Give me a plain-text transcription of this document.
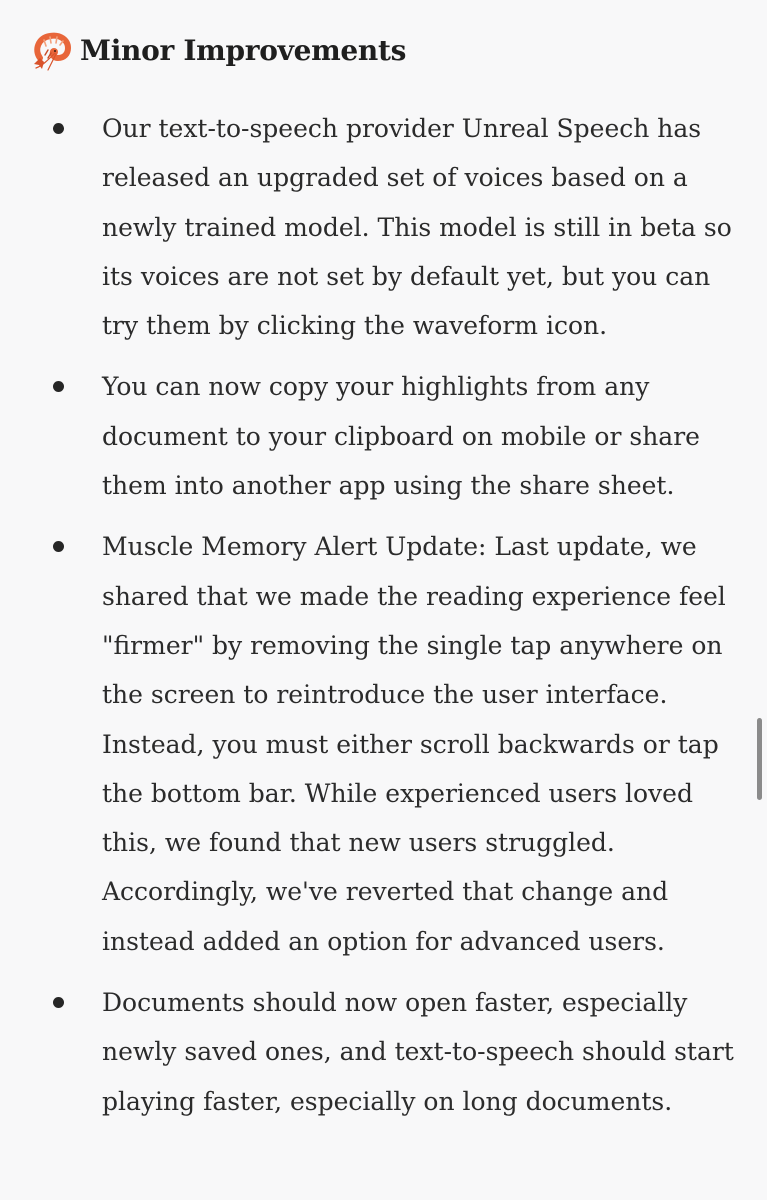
Minor Improvements
Our text-to-speech provider Unreal Speech has released an upgraded set of voices based on a newly trained model. This model is still in beta so its voices are not set by default yet, but you can try them by clicking the waveform icon.
You can now copy your highlights from any document to your clipboard on mobile or share them into another app using the share sheet.
Muscle Memory Alert Update: Last update, we shared that we made the reading experience feel "firmer" by removing the single tap anywhere on the screen to reintroduce the user interface. Instead, you must either scroll backwards or tap the bottom bar. While experienced users loved this, we found that new users struggled. Accordingly, we've reverted that change and instead added an option for advanced users.
Documents should now open faster, especially newly saved ones, and text-to-speech should start playing faster, especially on long documents.
